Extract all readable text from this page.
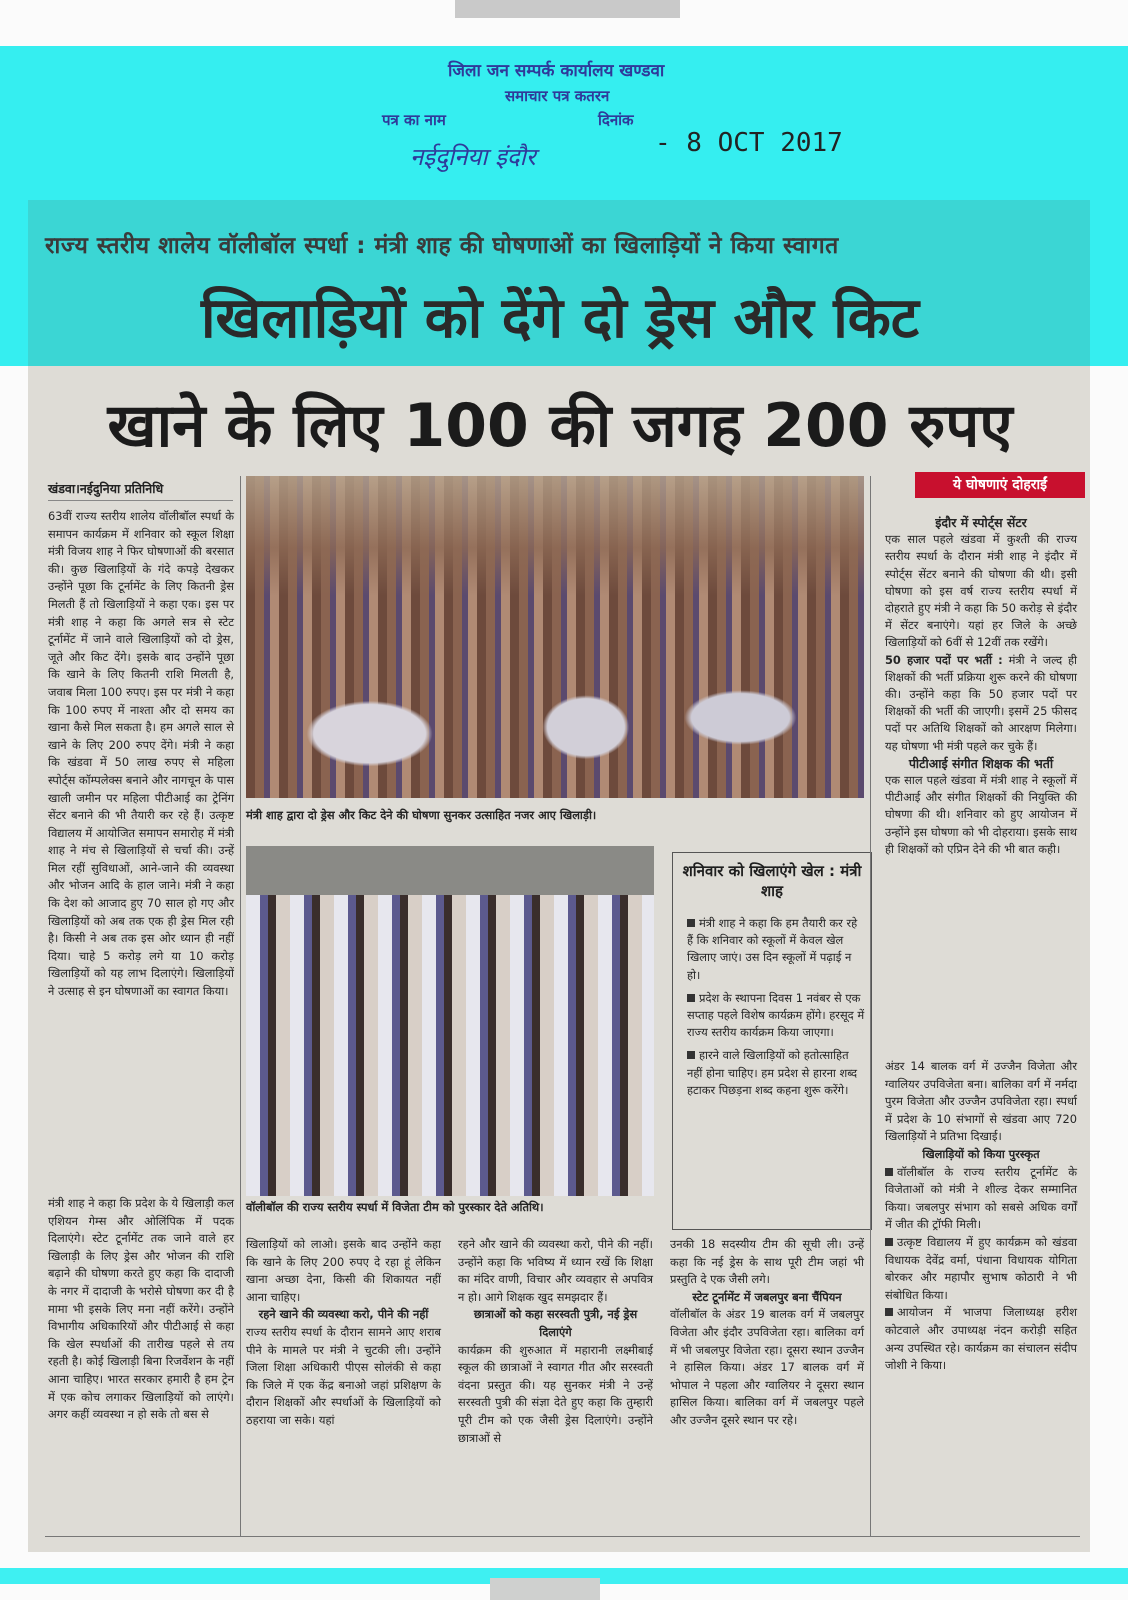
जिला जन सम्पर्क कार्यालय खण्डवा
समाचार पत्र कतरन
पत्र का नाम	दिनांक
नईदुनिया इंदौर	- 8 OCT 2017
राज्य स्तरीय शालेय वॉलीबॉल स्पर्धा : मंत्री शाह की घोषणाओं का खिलाड़ियों ने किया स्वागत
खिलाड़ियों को देंगे दो ड्रेस और किट
खाने के लिए 100 की जगह 200 रुपए
खंडवा।नईदुनिया प्रतिनिधि
63वीं राज्य स्तरीय शालेय वॉलीबॉल स्पर्धा के समापन कार्यक्रम में शनिवार को स्कूल शिक्षा मंत्री विजय शाह ने फिर घोषणाओं की बरसात की। कुछ खिलाड़ियों के गंदे कपड़े देखकर उन्होंने पूछा कि टूर्नामेंट के लिए कितनी ड्रेस मिलती हैं तो खिलाड़ियों ने कहा एक। इस पर मंत्री शाह ने कहा कि अगले सत्र से स्टेट टूर्नामेंट में जाने वाले खिलाड़ियों को दो ड्रेस, जूते और किट देंगे। इसके बाद उन्होंने पूछा कि खाने के लिए कितनी राशि मिलती है, जवाब मिला 100 रुपए। इस पर मंत्री ने कहा कि 100 रुपए में नाश्ता और दो समय का खाना कैसे मिल सकता है। हम अगले साल से खाने के लिए 200 रुपए देंगे। मंत्री ने कहा कि खंडवा में 50 लाख रुपए से महिला स्पोर्ट्स कॉम्पलेक्स बनाने और नागचून के पास खाली जमीन पर महिला पीटीआई का ट्रेनिंग सेंटर बनाने की भी तैयारी कर रहे हैं। उत्कृष्ट विद्यालय में आयोजित समापन समारोह में मंत्री शाह ने मंच से खिलाड़ियों से चर्चा की। उन्हें मिल रहीं सुविधाओं, आने-जाने की व्यवस्था और भोजन आदि के हाल जाने। मंत्री ने कहा कि देश को आजाद हुए 70 साल हो गए और खिलाड़ियों को अब तक एक ही ड्रेस मिल रही है। किसी ने अब तक इस ओर ध्यान ही नहीं दिया। चाहे 5 करोड़ लगे या 10 करोड़ खिलाड़ियों को यह लाभ दिलाएंगे। खिलाड़ियों ने उत्साह से इन घोषणाओं का स्वागत किया।
मंत्री शाह ने कहा कि प्रदेश के ये खिलाड़ी कल एशियन गेम्स और ओलिंपिक में पदक दिलाएंगे। स्टेट टूर्नामेंट तक जाने वाले हर खिलाड़ी के लिए ड्रेस और भोजन की राशि बढ़ाने की घोषणा करते हुए कहा कि दादाजी के नगर में दादाजी के भरोसे घोषणा कर दी है मामा भी इसके लिए मना नहीं करेंगे। उन्होंने विभागीय अधिकारियों और पीटीआई से कहा कि खेल स्पर्धाओं की तारीख पहले से तय रहती है। कोई खिलाड़ी बिना रिजर्वेशन के नहीं आना चाहिए। भारत सरकार हमारी है हम ट्रेन में एक कोच लगाकर खिलाड़ियों को लाएंगे। अगर कहीं व्यवस्था न हो सके तो बस से
खिलाड़ियों को लाओ। इसके बाद उन्होंने कहा कि खाने के लिए 200 रुपए दे रहा हूं लेकिन खाना अच्छा देना, किसी की शिकायत नहीं आना चाहिए।
रहने खाने की व्यवस्था करो, पीने की नहीं
राज्य स्तरीय स्पर्धा के दौरान सामने आए शराब पीने के मामले पर मंत्री ने चुटकी ली। उन्होंने जिला शिक्षा अधिकारी पीएस सोलंकी से कहा कि जिले में एक केंद्र बनाओ जहां प्रशिक्षण के दौरान शिक्षकों और स्पर्धाओं के खिलाड़ियों को ठहराया जा सके। यहां
रहने और खाने की व्यवस्था करो, पीने की नहीं। उन्होंने कहा कि भविष्य में ध्यान रखें कि शिक्षा का मंदिर वाणी, विचार और व्यवहार से अपवित्र न हो। आगे शिक्षक खुद समझदार हैं।
छात्राओं को कहा सरस्वती पुत्री, नई ड्रेस दिलाएंगे
कार्यक्रम की शुरुआत में महारानी लक्ष्मीबाई स्कूल की छात्राओं ने स्वागत गीत और सरस्वती वंदना प्रस्तुत की। यह सुनकर मंत्री ने उन्हें सरस्वती पुत्री की संज्ञा देते हुए कहा कि तुम्हारी पूरी टीम को एक जैसी ड्रेस दिलाएंगे। उन्होंने छात्राओं से
उनकी 18 सदस्यीय टीम की सूची ली। उन्हें कहा कि नई ड्रेस के साथ पूरी टीम जहां भी प्रस्तुति दे एक जैसी लगे।
स्टेट टूर्नामेंट में जबलपुर बना चैंपियन
वॉलीबॉल के अंडर 19 बालक वर्ग में जबलपुर विजेता और इंदौर उपविजेता रहा। बालिका वर्ग में भी जबलपुर विजेता रहा। दूसरा स्थान उज्जैन ने हासिल किया। अंडर 17 बालक वर्ग में भोपाल ने पहला और ग्वालियर ने दूसरा स्थान हासिल किया। बालिका वर्ग में जबलपुर पहले और उज्जैन दूसरे स्थान पर रहे।
मंत्री शाह द्वारा दो ड्रेस और किट देने की घोषणा सुनकर उत्साहित नजर आए खिलाड़ी।
वॉलीबॉल की राज्य स्तरीय स्पर्धा में विजेता टीम को पुरस्कार देते अतिथि।
शनिवार को खिलाएंगे खेल : मंत्री शाह

मंत्री शाह ने कहा कि हम तैयारी कर रहे हैं कि शनिवार को स्कूलों में केवल खेल खिलाए जाएं। उस दिन स्कूलों में पढ़ाई न हो।

प्रदेश के स्थापना दिवस 1 नवंबर से एक सप्ताह पहले विशेष कार्यक्रम होंगे। हरसूद में राज्य स्तरीय कार्यक्रम किया जाएगा।

हारने वाले खिलाड़ियों को हतोत्साहित नहीं होना चाहिए। हम प्रदेश से हारना शब्द हटाकर पिछड़ना शब्द कहना शुरू करेंगे।

ये घोषणाएं दोहराईं
इंदौर में स्पोर्ट्स सेंटर
एक साल पहले खंडवा में कुश्ती की राज्य स्तरीय स्पर्धा के दौरान मंत्री शाह ने इंदौर में स्पोर्ट्स सेंटर बनाने की घोषणा की थी। इसी घोषणा को इस वर्ष राज्य स्तरीय स्पर्धा में दोहराते हुए मंत्री ने कहा कि 50 करोड़ से इंदौर में सेंटर बनाएंगे। यहां हर जिले के अच्छे खिलाड़ियों को 6वीं से 12वीं तक रखेंगे।
50 हजार पदों पर भर्ती : मंत्री ने जल्द ही शिक्षकों की भर्ती प्रक्रिया शुरू करने की घोषणा की। उन्होंने कहा कि 50 हजार पदों पर शिक्षकों की भर्ती की जाएगी। इसमें 25 फीसद पदों पर अतिथि शिक्षकों को आरक्षण मिलेगा। यह घोषणा भी मंत्री पहले कर चुके हैं।
पीटीआई संगीत शिक्षक की भर्ती
एक साल पहले खंडवा में मंत्री शाह ने स्कूलों में पीटीआई और संगीत शिक्षकों की नियुक्ति की घोषणा की थी। शनिवार को हुए आयोजन में उन्होंने इस घोषणा को भी दोहराया। इसके साथ ही शिक्षकों को एप्रिन देने की भी बात कही।
अंडर 14 बालक वर्ग में उज्जैन विजेता और ग्वालियर उपविजेता बना। बालिका वर्ग में नर्मदा पुरम विजेता और उज्जैन उपविजेता रहा। स्पर्धा में प्रदेश के 10 संभागों से खंडवा आए 720 खिलाड़ियों ने प्रतिभा दिखाई।
खिलाड़ियों को किया पुरस्कृत
वॉलीबॉल के राज्य स्तरीय टूर्नामेंट के विजेताओं को मंत्री ने शील्ड देकर सम्मानित किया। जबलपुर संभाग को सबसे अधिक वर्गों में जीत की ट्रॉफी मिली।
उत्कृष्ट विद्यालय में हुए कार्यक्रम को खंडवा विधायक देवेंद्र वर्मा, पंधाना विधायक योगिता बोरकर और महापौर सुभाष कोठारी ने भी संबोधित किया।
आयोजन में भाजपा जिलाध्यक्ष हरीश कोटवाले और उपाध्यक्ष नंदन करोड़ी सहित अन्य उपस्थित रहे। कार्यक्रम का संचालन संदीप जोशी ने किया।
